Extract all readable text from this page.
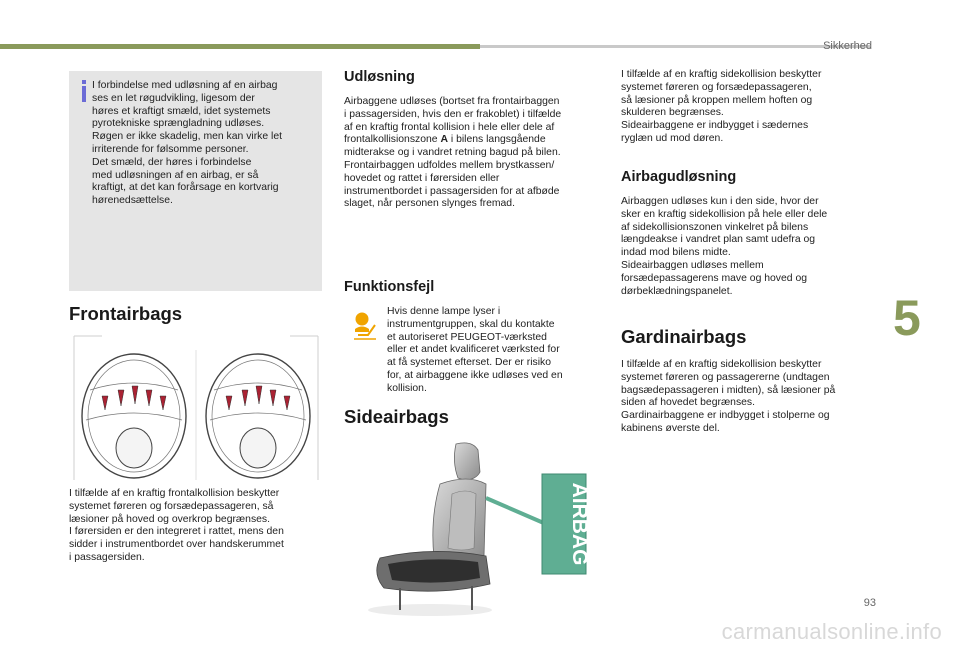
Sikkerhed
5

I forbindelse med udløsning af en airbag

ses en let røgudvikling, ligesom der

høres et kraftigt smæld, idet systemets

pyrotekniske sprængladning udløses.

Røgen er ikke skadelig, men kan virke let

irriterende for følsomme personer.

Det smæld, der høres i forbindelse

med udløsningen af en airbag, er så

kraftigt, at det kan forårsage en kortvarig

hørenedsættelse.

Frontairbags

I tilfælde af en kraftig frontalkollision beskytter

systemet føreren og forsædepassageren, så

læsioner på hoved og overkrop begrænses.

I førersiden er den integreret i rattet, mens den

sidder i instrumentbordet over handskerummet

i passagersiden.

Udløsning

Airbaggene udløses (bortset fra frontairbaggen

i passagersiden, hvis den er frakoblet) i tilfælde

af en kraftig frontal kollision i hele eller dele af

frontalkollisionszone A i bilens langsgående

midterakse og i vandret retning bagud på bilen.

Frontairbaggen udfoldes mellem brystkassen/

hovedet og rattet i førersiden eller

instrumentbordet i passagersiden for at afbøde

slaget, når personen slynges fremad.

Funktionsfejl

Hvis denne lampe lyser i

instrumentgruppen, skal du kontakte

et autoriseret PEUGEOT-værksted

eller et andet kvalificeret værksted for

at få systemet efterset. Der er risiko

for, at airbaggene ikke udløses ved en

kollision.

Sideairbags
AIRBAG

I tilfælde af en kraftig sidekollision beskytter

systemet føreren og forsædepassageren,

så læsioner på kroppen mellem hoften og

skulderen begrænses.

Sideairbaggene er indbygget i sædernes

ryglæn ud mod døren.

Airbagudløsning

Airbaggen udløses kun i den side, hvor der

sker en kraftig sidekollision på hele eller dele

af sidekollisionszonen vinkelret på bilens

længdeakse i vandret plan samt udefra og

indad mod bilens midte.

Sideairbaggen udløses mellem

forsædepassagerens mave og hoved og

dørbeklædningspanelet.

Gardinairbags

I tilfælde af en kraftig sidekollision beskytter

systemet føreren og passagererne (undtagen

bagsædepassageren i midten), så læsioner på

siden af hovedet begrænses.

Gardinairbaggene er indbygget i stolperne og

kabinens øverste del.

93
carmanualsonline.info
